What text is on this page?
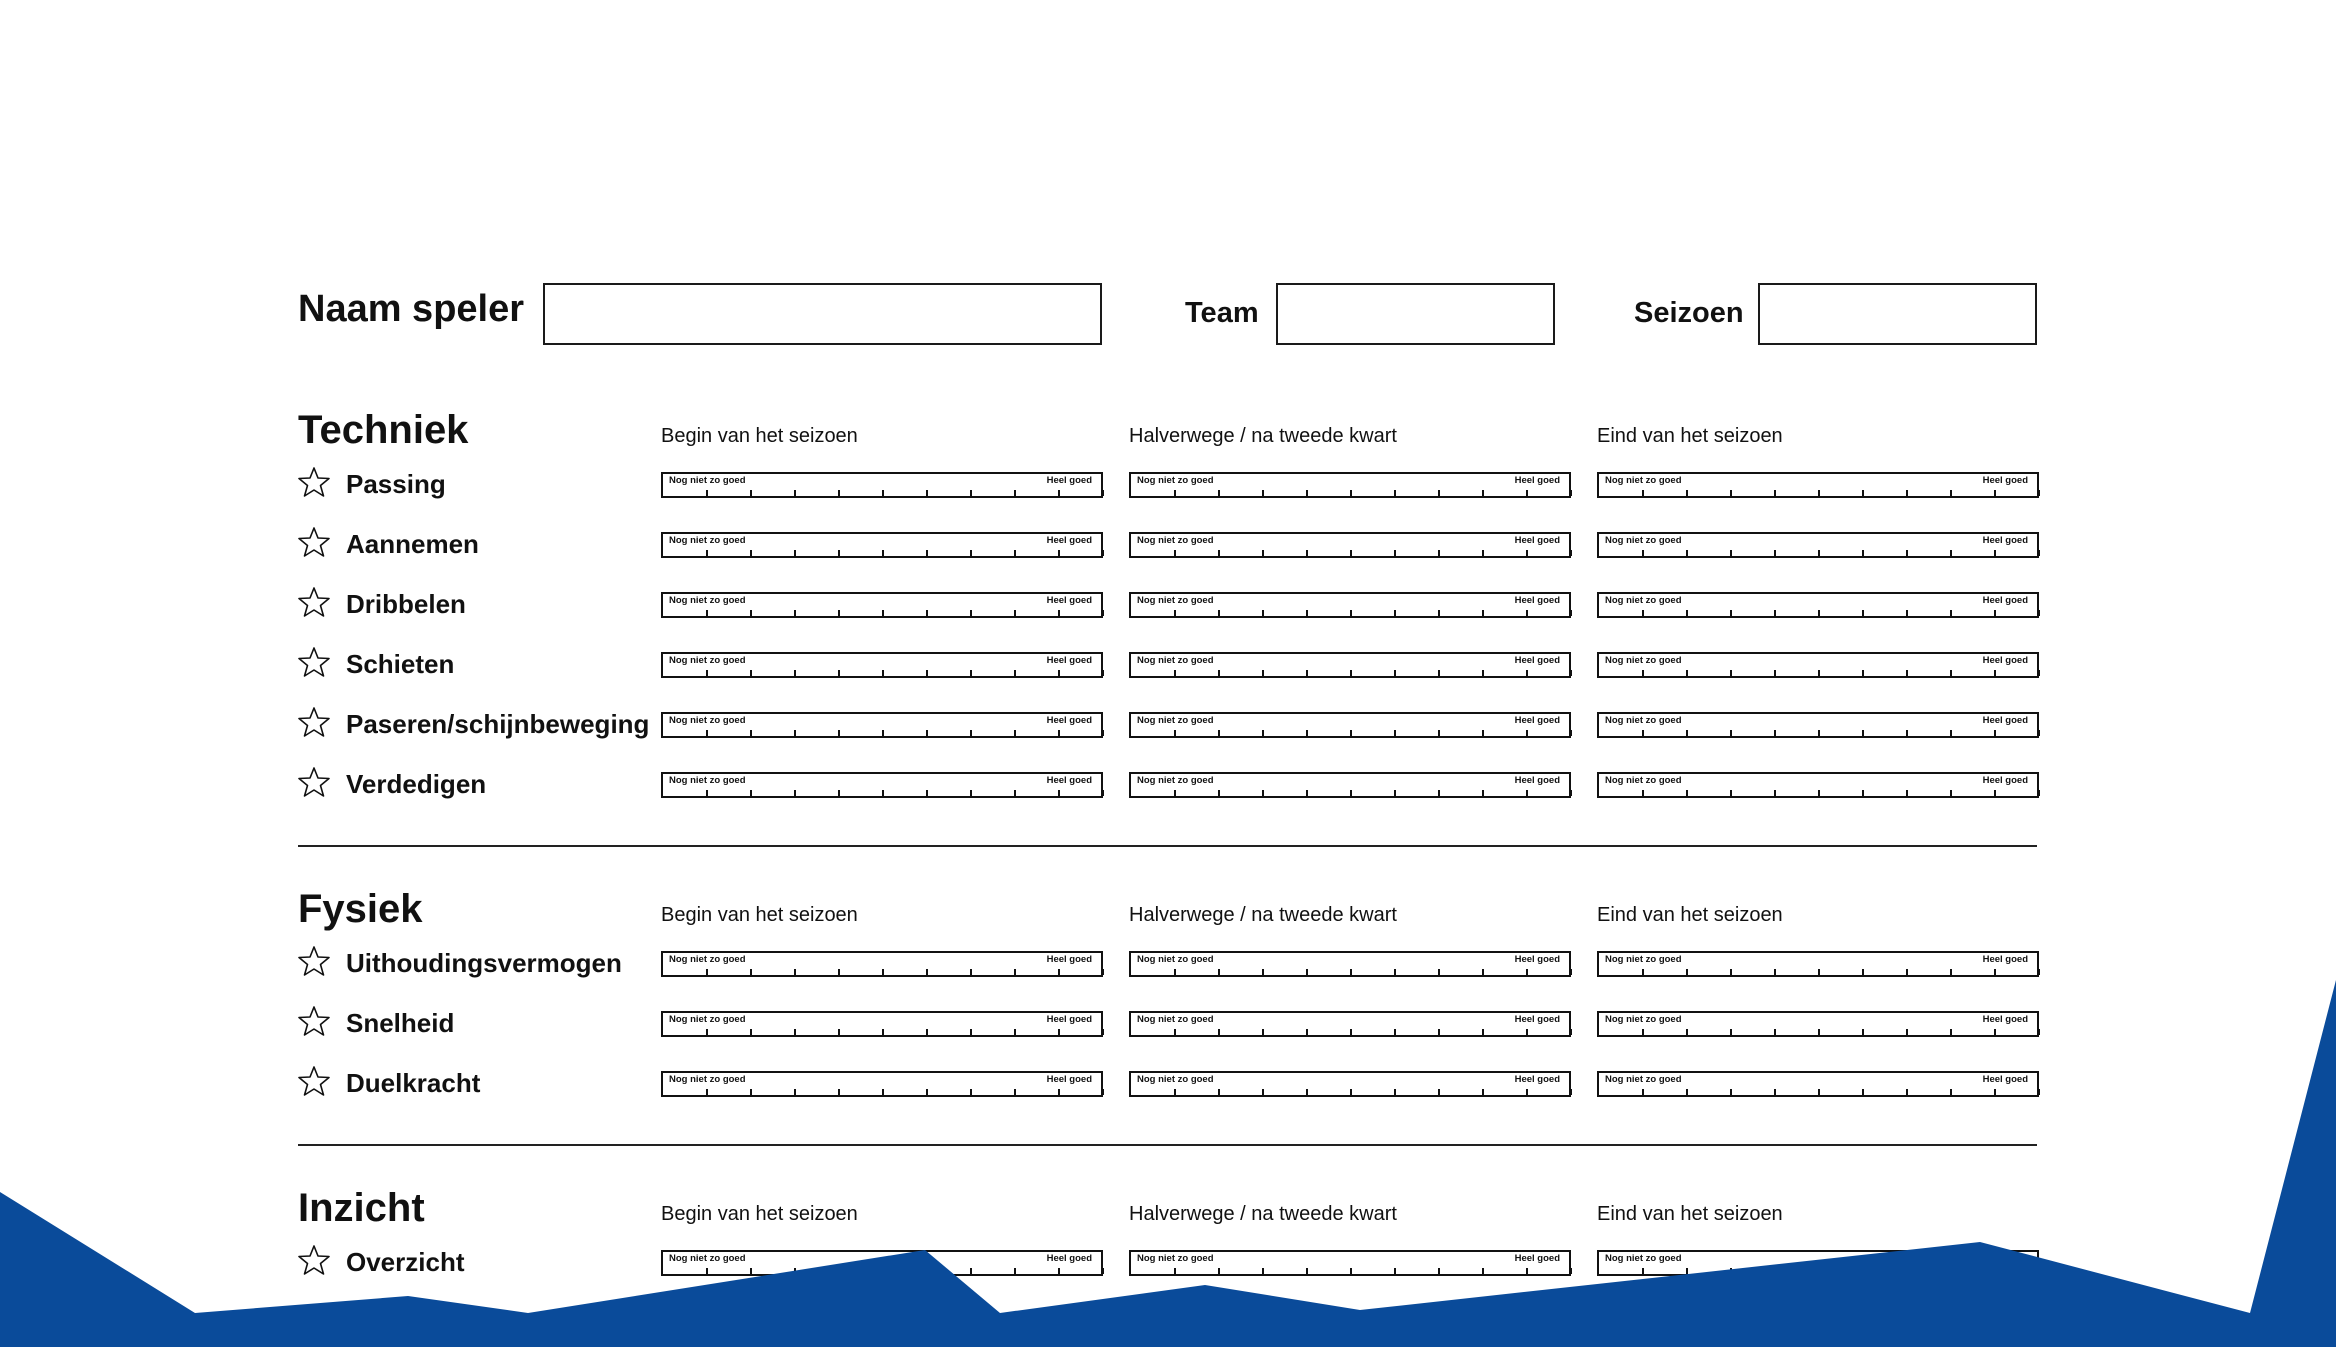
Naam speler	Team	Seizoen
Techniek	Begin van het seizoen	Halverwege / na tweede kwart	Eind van het seizoen
Passing	Nog niet zo goed	Heel goed	Nog niet zo goed	Heel goed	Nog niet zo goed	Heel goed
Aannemen	Nog niet zo goed	Heel goed	Nog niet zo goed	Heel goed	Nog niet zo goed	Heel goed
Dribbelen	Nog niet zo goed	Heel goed	Nog niet zo goed	Heel goed	Nog niet zo goed	Heel goed
Schieten	Nog niet zo goed	Heel goed	Nog niet zo goed	Heel goed	Nog niet zo goed	Heel goed
Paseren/schijnbeweging Nog niet zo goed	Heel goed	Nog niet zo goed	Heel goed	Nog niet zo goed	Heel goed
Verdedigen	Nog niet zo goed	Heel goed	Nog niet zo goed	Heel goed	Nog niet zo goed	Heel goed
Fysiek	Begin van het seizoen	Halverwege / na tweede kwart	Eind van het seizoen
Uithoudingsvermogen	Nog niet zo goed	Heel goed	Nog niet zo goed	Heel goed	Nog niet zo goed	Heel goed
Snelheid	Nog niet zo goed	Heel goed	Nog niet zo goed	Heel goed	Nog niet zo goed	Heel goed
Duelkracht	Nog niet zo goed	Heel goed	Nog niet zo goed	Heel goed	Nog niet zo goed	Heel goed
Inzicht	Begin van het seizoen	Halverwege / na tweede kwart	Eind van het seizoen
Overzicht	Nog niet zo goed	Heel goed	Nog niet zo goed	Heel goed	Nog niet zo goed
